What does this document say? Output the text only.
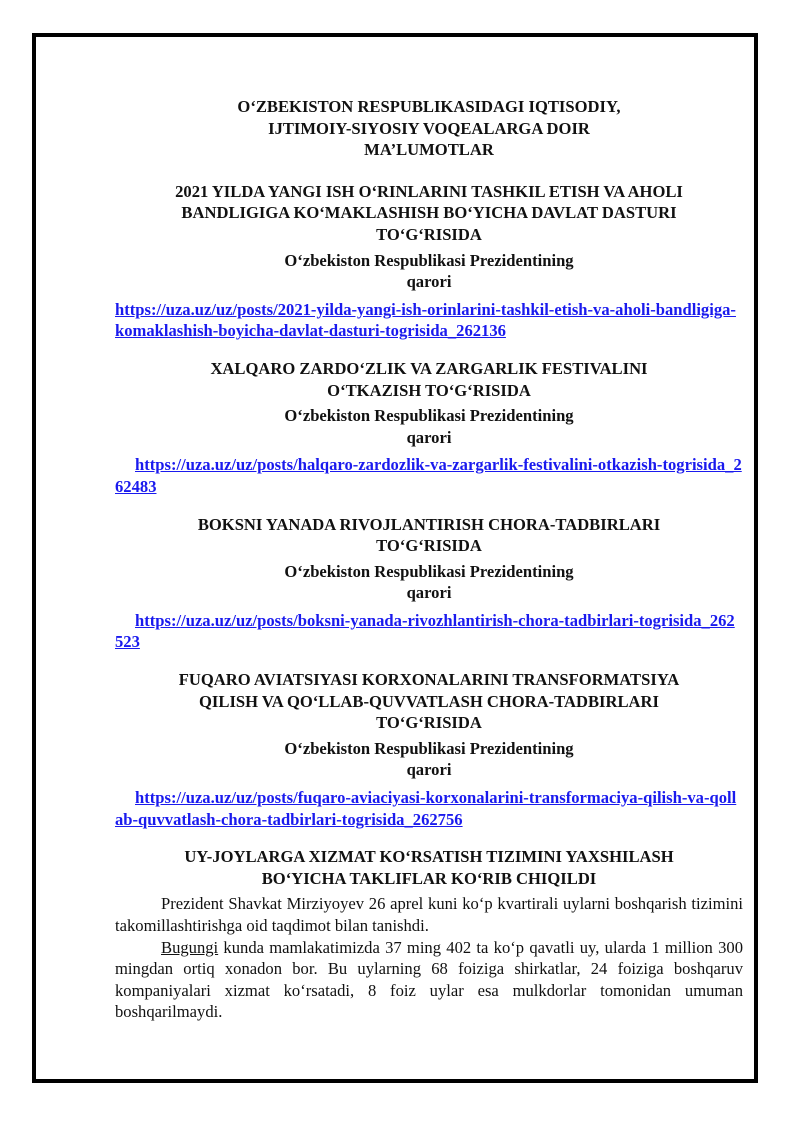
O‘ZBEKISTON RESPUBLIKASIDAGI IQTISODIY,

IJTIMOIY-SIYOSIY VOQEALARGA DOIR

MA’LUMOTLAR

2021 YILDA YANGI ISH O‘RINLARINI TASHKIL ETISH VA AHOLI

BANDLIGIGA KO‘MAKLASHISH BO‘YICHA DAVLAT DASTURI

TO‘G‘RISIDA

O‘zbekiston Respublikasi Prezidentining

qarori

https://uza.uz/uz/posts/2021-yilda-yangi-ish-orinlarini-tashkil-etish-va-aholi-bandligiga-komaklashish-boyicha-davlat-dasturi-togrisida_262136

XALQARO ZARDO‘ZLIK VA ZARGARLIK FESTIVALINI

O‘TKAZISH TO‘G‘RISIDA

O‘zbekiston Respublikasi Prezidentining

qarori

https://uza.uz/uz/posts/halqaro-zardozlik-va-zargarlik-festivalini-otkazish-togrisida_262483

BOKSNI YANADA RIVOJLANTIRISH CHORA-TADBIRLARI

TO‘G‘RISIDA

O‘zbekiston Respublikasi Prezidentining

qarori

https://uza.uz/uz/posts/boksni-yanada-rivozhlantirish-chora-tadbirlari-togrisida_262523

FUQARO AVIATSIYASI KORXONALARINI TRANSFORMATSIYA

QILISH VA QO‘LLAB-QUVVATLASH CHORA-TADBIRLARI

TO‘G‘RISIDA

O‘zbekiston Respublikasi Prezidentining

qarori

https://uza.uz/uz/posts/fuqaro-aviaciyasi-korxonalarini-transformaciya-qilish-va-qollab-quvvatlash-chora-tadbirlari-togrisida_262756

UY-JOYLARGA XIZMAT KO‘RSATISH TIZIMINI YAXSHILASH

BO‘YICHA TAKLIFLAR KO‘RIB CHIQILDI

Prezident Shavkat Mirziyoyev 26 aprel kuni ko‘p kvartirali uylarni boshqarish tizimini takomillashtirishga oid taqdimot bilan tanishdi.

Bugungi kunda mamlakatimizda 37 ming 402 ta ko‘p qavatli uy, ularda 1 million 300 mingdan ortiq xonadon bor. Bu uylarning 68 foiziga shirkatlar, 24 foiziga boshqaruv kompaniyalari xizmat ko‘rsatadi, 8 foiz uylar esa mulkdorlar tomonidan umuman boshqarilmaydi.
